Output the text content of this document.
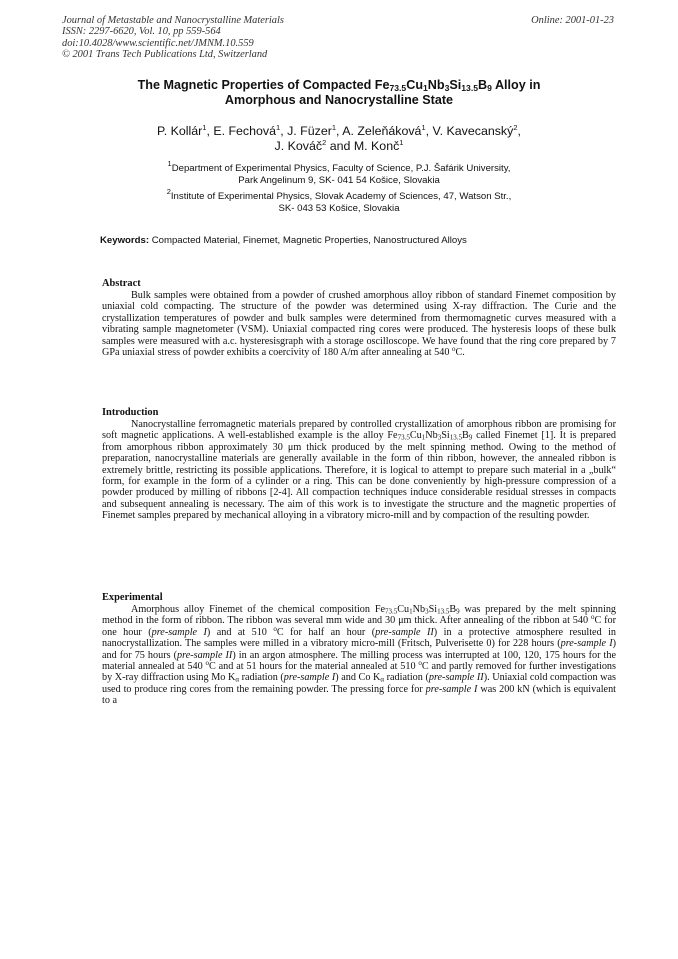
Journal of Metastable and Nanocrystalline Materials
ISSN: 2297-6620, Vol. 10, pp 559-564
doi:10.4028/www.scientific.net/JMNM.10.559
© 2001 Trans Tech Publications Ltd, Switzerland
Online: 2001-01-23
The Magnetic Properties of Compacted $Fe_{73.5}Cu_1Nb_3Si_{13.5}B_9$ Alloy in
Amorphous and Nanocrystalline State
P. Kollár$^1$, E. Fechová$^1$, J. Füzer$^1$, A. Zeleňáková$^1$, V. Kavecanský$^2$,
J. Kováč$^2$ and M. Konč$^1$
$^1$Department of Experimental Physics, Faculty of Science, P.J. Šafárik University,
Park Angelinum 9, SK- 041 54 Košice, Slovakia
$^2$Institute of Experimental Physics, Slovak Academy of Sciences, 47, Watson Str.,
SK- 043 53 Košice, Slovakia
Keywords: Compacted Material, Finemet, Magnetic Properties, Nanostructured Alloys
Abstract

Bulk samples were obtained from a powder of crushed amorphous alloy ribbon of standard Finemet composition by uniaxial cold compacting. The structure of the powder was determined using X-ray diffraction. The Curie and the crystallization temperatures of powder and bulk samples were determined from thermomagnetic curves measured with a vibrating sample magnetometer (VSM). Uniaxial compacted ring cores were produced. The hysteresis loops of these bulk samples were measured with a.c. hysteresisgraph with a storage oscilloscope. We have found that the ring core prepared by 7 GPa uniaxial stress of powder exhibits a coercivity of 180 A/m after annealing at 540 $^o$C.

Introduction

Nanocrystalline ferromagnetic materials prepared by controlled crystallization of amorphous ribbon are promising for soft magnetic applications. A well-established example is the alloy $Fe_{73.5}Cu_1Nb_3Si_{13.5}B_9$ called Finemet [1]. It is prepared from amorphous ribbon approximately 30 μm thick produced by the melt spinning method. Owing to the method of preparation, nanocrystalline materials are generally available in the form of thin ribbon, however, the annealed ribbon is extremely brittle, restricting its possible applications. Therefore, it is logical to attempt to prepare such material in a „bulk“ form, for example in the form of a cylinder or a ring. This can be done conveniently by high-pressure compression of a powder produced by milling of ribbons [2-4]. All compaction techniques induce considerable residual stresses in compacts and subsequent annealing is necessary. The aim of this work is to investigate the structure and the magnetic properties of Finemet samples prepared by mechanical alloying in a vibratory micro-mill and by compaction of the resulting powder.

Experimental

Amorphous alloy Finemet of the chemical composition $Fe_{73.5}Cu_1Nb_3Si_{13.5}B_9$ was prepared by the melt spinning method in the form of ribbon. The ribbon was several mm wide and 30 μm thick. After annealing of the ribbon at 540 $^o$C for one hour (pre-sample I) and at 510 $^o$C for half an hour (pre-sample II) in a protective atmosphere resulted in nanocrystallization. The samples were milled in a vibratory micro-mill (Fritsch, Pulverisette 0) for 228 hours (pre-sample I) and for 75 hours (pre-sample II) in an argon atmosphere. The milling process was interrupted at 100, 120, 175 hours for the material annealed at 540 $^o$C and at 51 hours for the material annealed at 510 $^o$C and partly removed for further investigations by X-ray diffraction using Mo $K_\alpha$ radiation (pre-sample I) and Co $K_\alpha$ radiation (pre-sample II). Uniaxial cold compaction was used to produce ring cores from the remaining powder. The pressing force for pre-sample I was 200 kN (which is equivalent to a
